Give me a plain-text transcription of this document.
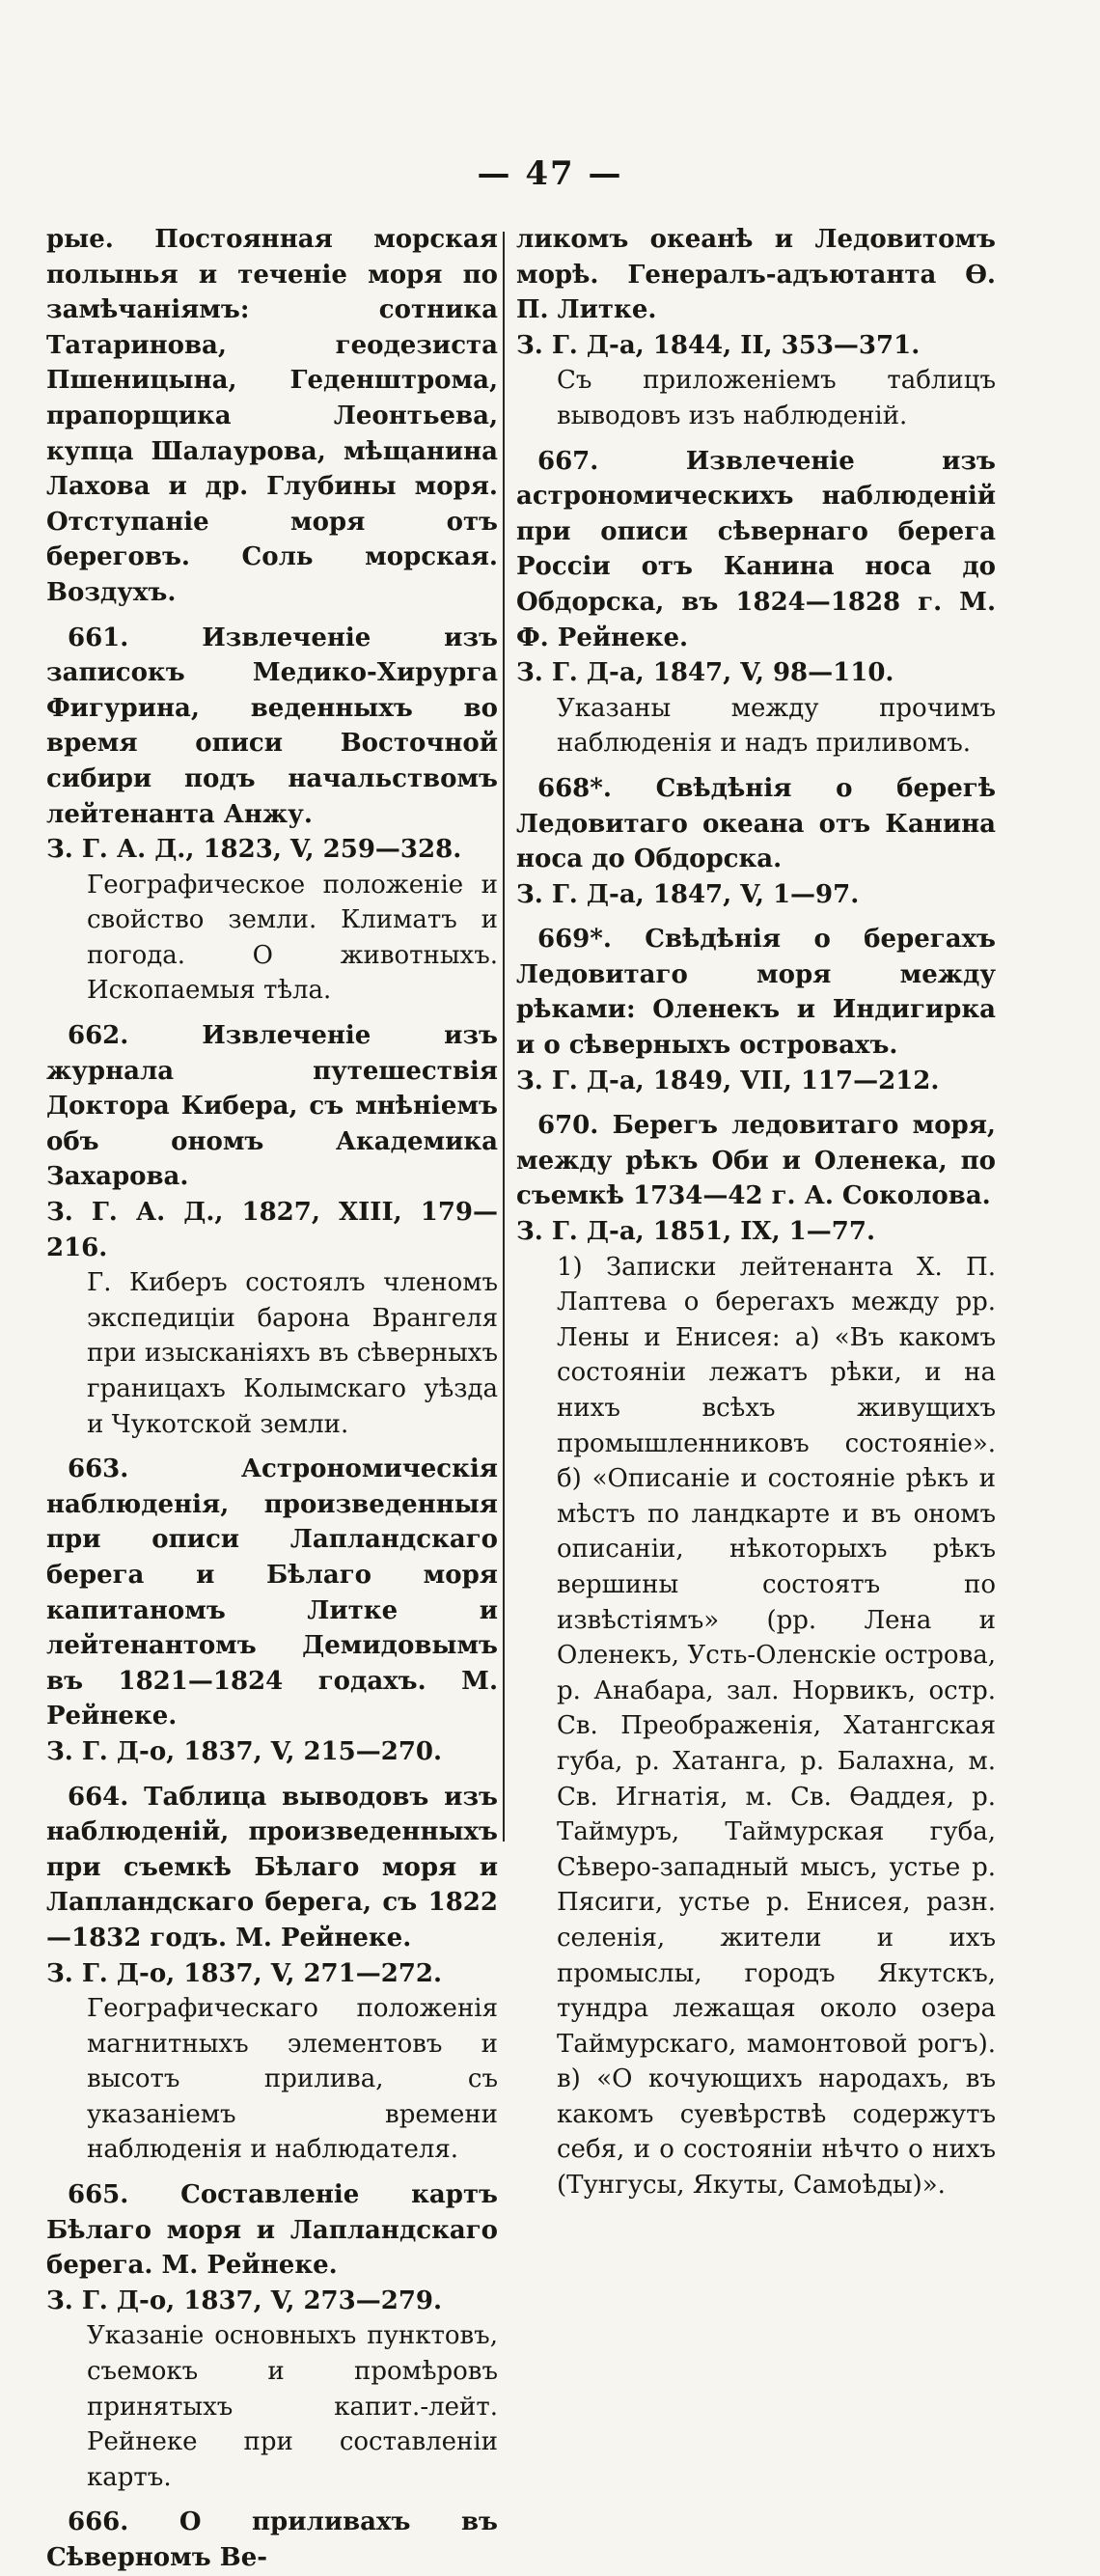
— 47 —

рые. Постоянная морская полынья и теченіе моря по замѣчаніямъ: сотника Татаринова, геодезиста Пшеницына, Геденштрома, прапорщика Леонтьева, купца Шалаурова, мѣщанина Лахова и др. Глубины моря. Отступаніе моря отъ береговъ. Соль морская. Воздухъ.

661. Извлеченіе изъ записокъ Медико-Хирурга Фигурина, веденныхъ во время описи Восточной сибири подъ начальствомъ лейтенанта Анжу.

З. Г. А. Д., 1823, V, 259—328.

Географическое положеніе и свойство земли. Климатъ и погода. О животныхъ. Ископаемыя тѣла.

662. Извлеченіе изъ журнала путешествія Доктора Кибера, съ мнѣніемъ объ ономъ Академика Захарова.

З. Г. А. Д., 1827, XIII, 179—216.

Г. Киберъ состоялъ членомъ экспедиціи барона Врангеля при изысканіяхъ въ сѣверныхъ границахъ Колымскаго уѣзда и Чукотской земли.

663. Астрономическія наблюденія, произведенныя при описи Лапландскаго берега и Бѣлаго моря капитаномъ Литке и лейтенантомъ Демидовымъ въ 1821—1824 годахъ. М. Рейнеке.

З. Г. Д-о, 1837, V, 215—270.

664. Таблица выводовъ изъ наблюденій, произведенныхъ при съемкѣ Бѣлаго моря и Лапландскаго берега, съ 1822—1832 годъ. М. Рейнеке.

З. Г. Д-о, 1837, V, 271—272.

Географическаго положенія магнитныхъ элементовъ и высотъ прилива, съ указаніемъ времени наблюденія и наблюдателя.

665. Составленіе картъ Бѣлаго моря и Лапландскаго берега. М. Рейнеке.

З. Г. Д-о, 1837, V, 273—279.

Указаніе основныхъ пунктовъ, съемокъ и промѣровъ принятыхъ капит.-лейт. Рейнеке при составленіи картъ.

666. О приливахъ въ Сѣверномъ Ве-

ликомъ океанѣ и Ледовитомъ морѣ. Генералъ-адъютанта Ѳ. П. Литке.

З. Г. Д-а, 1844, II, 353—371.

Съ приложеніемъ таблицъ выводовъ изъ наблюденій.

667. Извлеченіе изъ астрономическихъ наблюденій при описи сѣвернаго берега Россіи отъ Канина носа до Обдорска, въ 1824—1828 г. М. Ф. Рейнеке.

З. Г. Д-а, 1847, V, 98—110.

Указаны между прочимъ наблюденія и надъ приливомъ.

668*. Свѣдѣнія о берегѣ Ледовитаго океана отъ Канина носа до Обдорска.

З. Г. Д-а, 1847, V, 1—97.

669*. Свѣдѣнія о берегахъ Ледовитаго моря между рѣками: Оленекъ и Индигирка и о сѣверныхъ островахъ.

З. Г. Д-а, 1849, VII, 117—212.

670. Берегъ ледовитаго моря, между рѣкъ Оби и Оленека, по съемкѣ 1734—42 г. А. Соколова.

З. Г. Д-а, 1851, IX, 1—77.

1) Записки лейтенанта Х. П. Лаптева о берегахъ между рр. Лены и Енисея: а) «Въ какомъ состояніи лежатъ рѣки, и на нихъ всѣхъ живущихъ промышленниковъ состояніе». б) «Описаніе и состояніе рѣкъ и мѣстъ по ландкарте и въ ономъ описаніи, нѣкоторыхъ рѣкъ вершины состоятъ по извѣстіямъ» (рр. Лена и Оленекъ, Усть-Оленскіе острова, р. Анабара, зал. Норвикъ, остр. Св. Преображенія, Хатангская губа, р. Хатанга, р. Балахна, м. Св. Игнатія, м. Св. Ѳаддея, р. Таймуръ, Таймурская губа, Сѣверо-западный мысъ, устье р. Пясиги, устье р. Енисея, разн. селенія, жители и ихъ промыслы, городъ Якутскъ, тундра лежащая около озера Таймурскаго, мамонтовой рогъ). в) «О кочующихъ народахъ, въ какомъ суевѣрствѣ содержутъ себя, и о состояніи нѣчто о нихъ (Тунгусы, Якуты, Самоѣды)».
